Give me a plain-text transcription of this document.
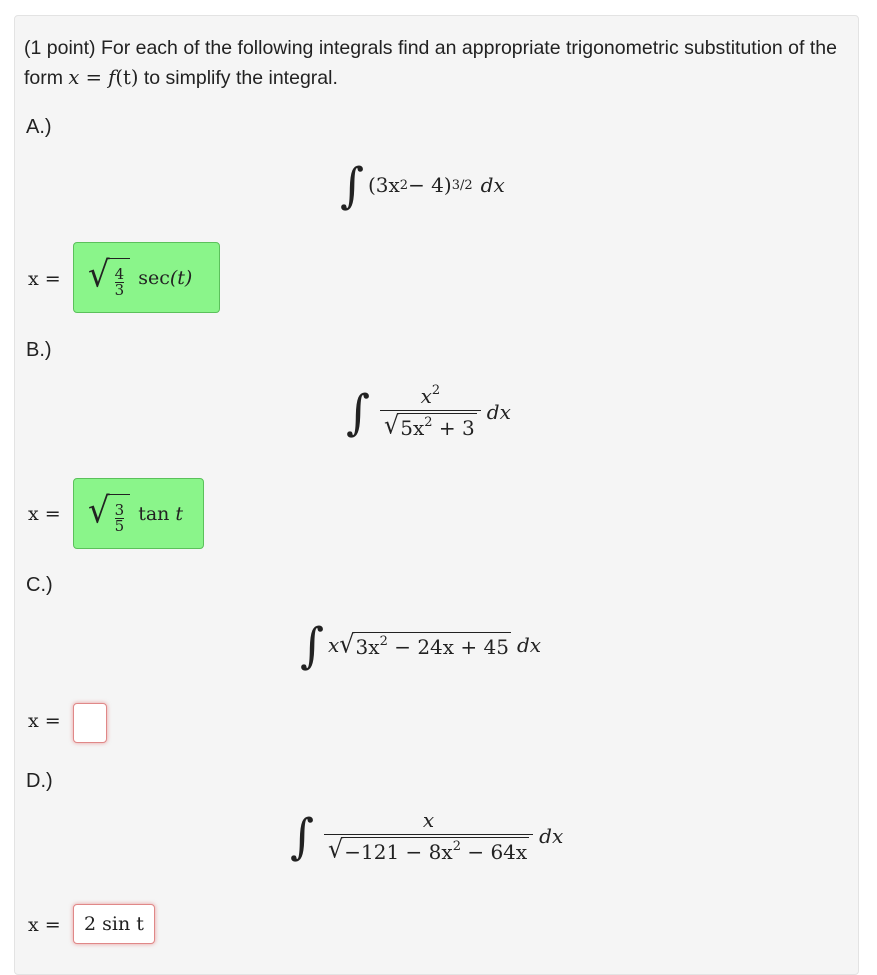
(1 point) For each of the following integrals find an appropriate trigonometric substitution of the form x = f(t) to simplify the integral.
A.)
∫ (3x 2 − 4) 3/2 dx
x = √ $\frac{4}{3}$ sec (t)
B.)
∫ $\frac{x^2}{√ 5x^2 + 3}$ dx
x = √ $\frac{3}{5}$ tan t
C.)
∫ x √ $3x^2 - 24x + 45$ dx
x =
D.)
∫ $\frac{x}{√ -121 - 8x^2 - 64x}$ dx
x =	2 sin t
